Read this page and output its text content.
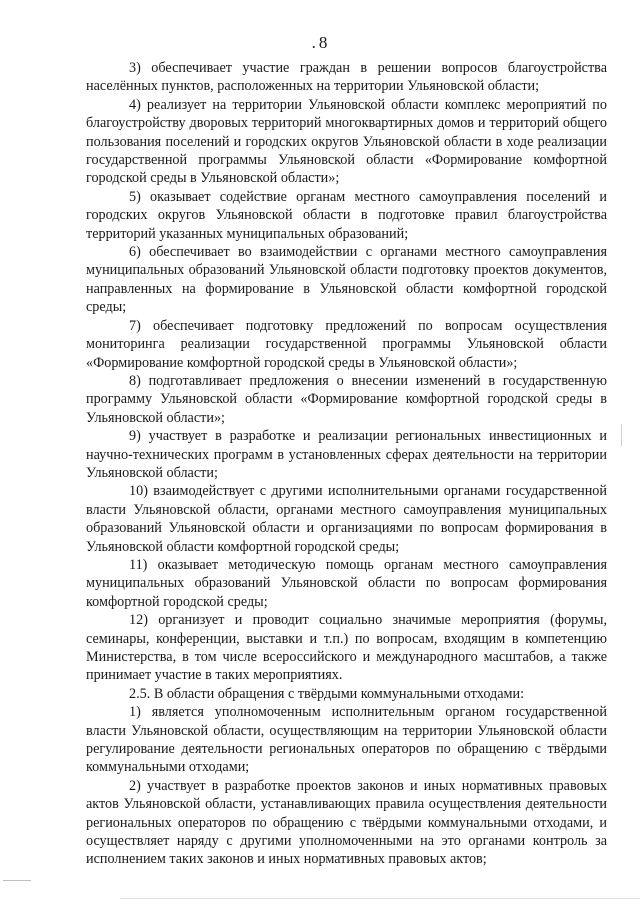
. 8

3) обеспечивает участие граждан в решении вопросов благоустройства населённых пунктов, расположенных на территории Ульяновской области;

4) реализует на территории Ульяновской области комплекс мероприятий по благоустройству дворовых территорий многоквартирных домов и территорий общего пользования поселений и городских округов Ульяновской области в ходе реализации государственной программы Ульяновской области «Формирование комфортной городской среды в Ульяновской области»;

5) оказывает содействие органам местного самоуправления поселений и городских округов Ульяновской области в подготовке правил благоустройства территорий указанных муниципальных образований;

6) обеспечивает во взаимодействии с органами местного самоуправления муниципальных образований Ульяновской области подготовку проектов документов, направленных на формирование в Ульяновской области комфортной городской среды;

7) обеспечивает подготовку предложений по вопросам осуществления мониторинга реализации государственной программы Ульяновской области «Формирование комфортной городской среды в Ульяновской области»;

8) подготавливает предложения о внесении изменений в государственную программу Ульяновской области «Формирование комфортной городской среды в Ульяновской области»;

9) участвует в разработке и реализации региональных инвестиционных и научно-технических программ в установленных сферах деятельности на территории Ульяновской области;

10) взаимодействует с другими исполнительными органами государственной власти Ульяновской области, органами местного самоуправления муниципальных образований Ульяновской области и организациями по вопросам формирования в Ульяновской области комфортной городской среды;

11) оказывает методическую помощь органам местного самоуправления муниципальных образований Ульяновской области по вопросам формирования комфортной городской среды;

12) организует и проводит социально значимые мероприятия (форумы, семинары, конференции, выставки и т.п.) по вопросам, входящим в компетенцию Министерства, в том числе всероссийского и международного масштабов, а также принимает участие в таких мероприятиях.

2.5. В области обращения с твёрдыми коммунальными отходами:

1) является уполномоченным исполнительным органом государственной власти Ульяновской области, осуществляющим на территории Ульяновской области регулирование деятельности региональных операторов по обращению с твёрдыми коммунальными отходами;

2) участвует в разработке проектов законов и иных нормативных правовых актов Ульяновской области, устанавливающих правила осуществления деятельности региональных операторов по обращению с твёрдыми коммунальными отходами, и осуществляет наряду с другими уполномоченными на это органами контроль за исполнением таких законов и иных нормативных правовых актов;
